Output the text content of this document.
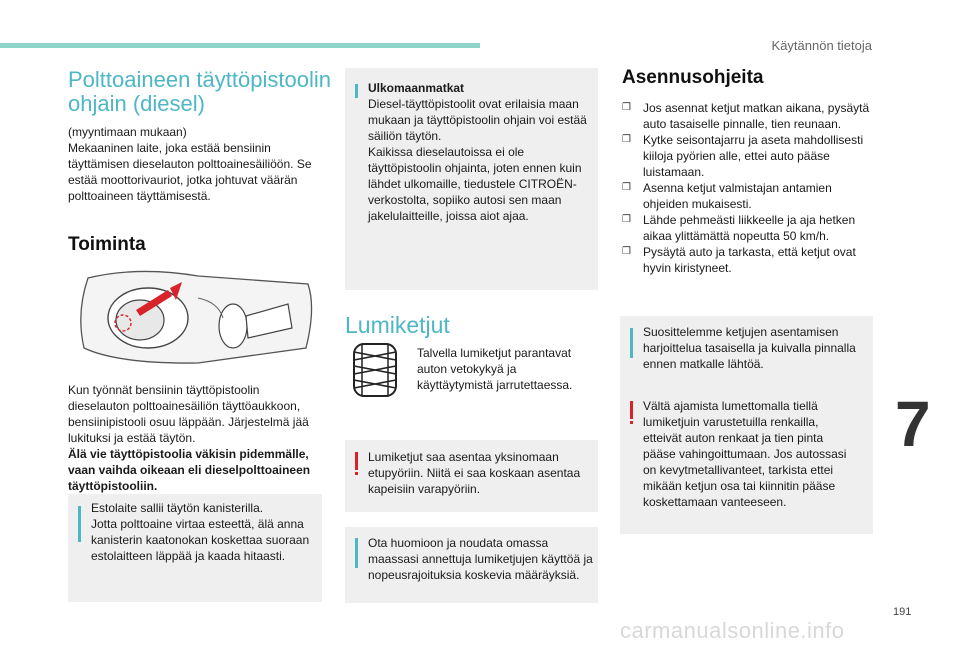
Käytännön tietoja
7
191
carmanualsonline.info
Polttoaineen täyttöpistoolin
ohjain (diesel)
(myyntimaan mukaan)
Mekaaninen laite, joka estää bensiinin
täyttämisen dieselauton polttoainesäiliöön. Se
estää moottorivauriot, jotka johtuvat väärän
polttoaineen täyttämisestä.
Toiminta
Kun työnnät bensiinin täyttöpistoolin
dieselauton polttoainesäiliön täyttöaukkoon,
bensiinipistooli osuu läppään. Järjestelmä jää
lukituksi ja estää täytön.
Älä vie täyttöpistoolia väkisin pidemmälle,
vaan vaihda oikeaan eli dieselpolttoaineen
täyttöpistooliin.
Estolaite sallii täytön kanisterilla.
Jotta polttoaine virtaa esteettä, älä anna
kanisterin kaatonokan koskettaa suoraan
estolaitteen läppää ja kaada hitaasti.
Ulkomaanmatkat
Diesel-täyttöpistoolit ovat erilaisia maan
mukaan ja täyttöpistoolin ohjain voi estää
säiliön täytön.
Kaikissa dieselautoissa ei ole
täyttöpistoolin ohjainta, joten ennen kuin
lähdet ulkomaille, tiedustele CITROËN-
verkostolta, sopiiko autosi sen maan
jakelulaitteille, joissa aiot ajaa.
Lumiketjut
Talvella lumiketjut parantavat
auton vetokykyä ja
käyttäytymistä jarrutettaessa.
Lumiketjut saa asentaa yksinomaan
etupyöriin. Niitä ei saa koskaan asentaa
kapeisiin varapyöriin.
Ota huomioon ja noudata omassa
maassasi annettuja lumiketjujen käyttöä ja
nopeusrajoituksia koskevia määräyksiä.
Asennusohjeita
❒ Jos asennat ketjut matkan aikana, pysäytä
auto tasaiselle pinnalle, tien reunaan.
❒ Kytke seisontajarru ja aseta mahdollisesti
kiiloja pyörien alle, ettei auto pääse
luistamaan.
❒ Asenna ketjut valmistajan antamien
ohjeiden mukaisesti.
❒ Lähde pehmeästi liikkeelle ja aja hetken
aikaa ylittämättä nopeutta 50 km/h.
❒ Pysäytä auto ja tarkasta, että ketjut ovat
hyvin kiristyneet.
Suosittelemme ketjujen asentamisen
harjoittelua tasaisella ja kuivalla pinnalla
ennen matkalle lähtöä.
Vältä ajamista lumettomalla tiellä
lumiketjuin varustetuilla renkailla,
etteivät auton renkaat ja tien pinta
pääse vahingoittumaan. Jos autossasi
on kevytmetallivanteet, tarkista ettei
mikään ketjun osa tai kiinnitin pääse
koskettamaan vanteeseen.
